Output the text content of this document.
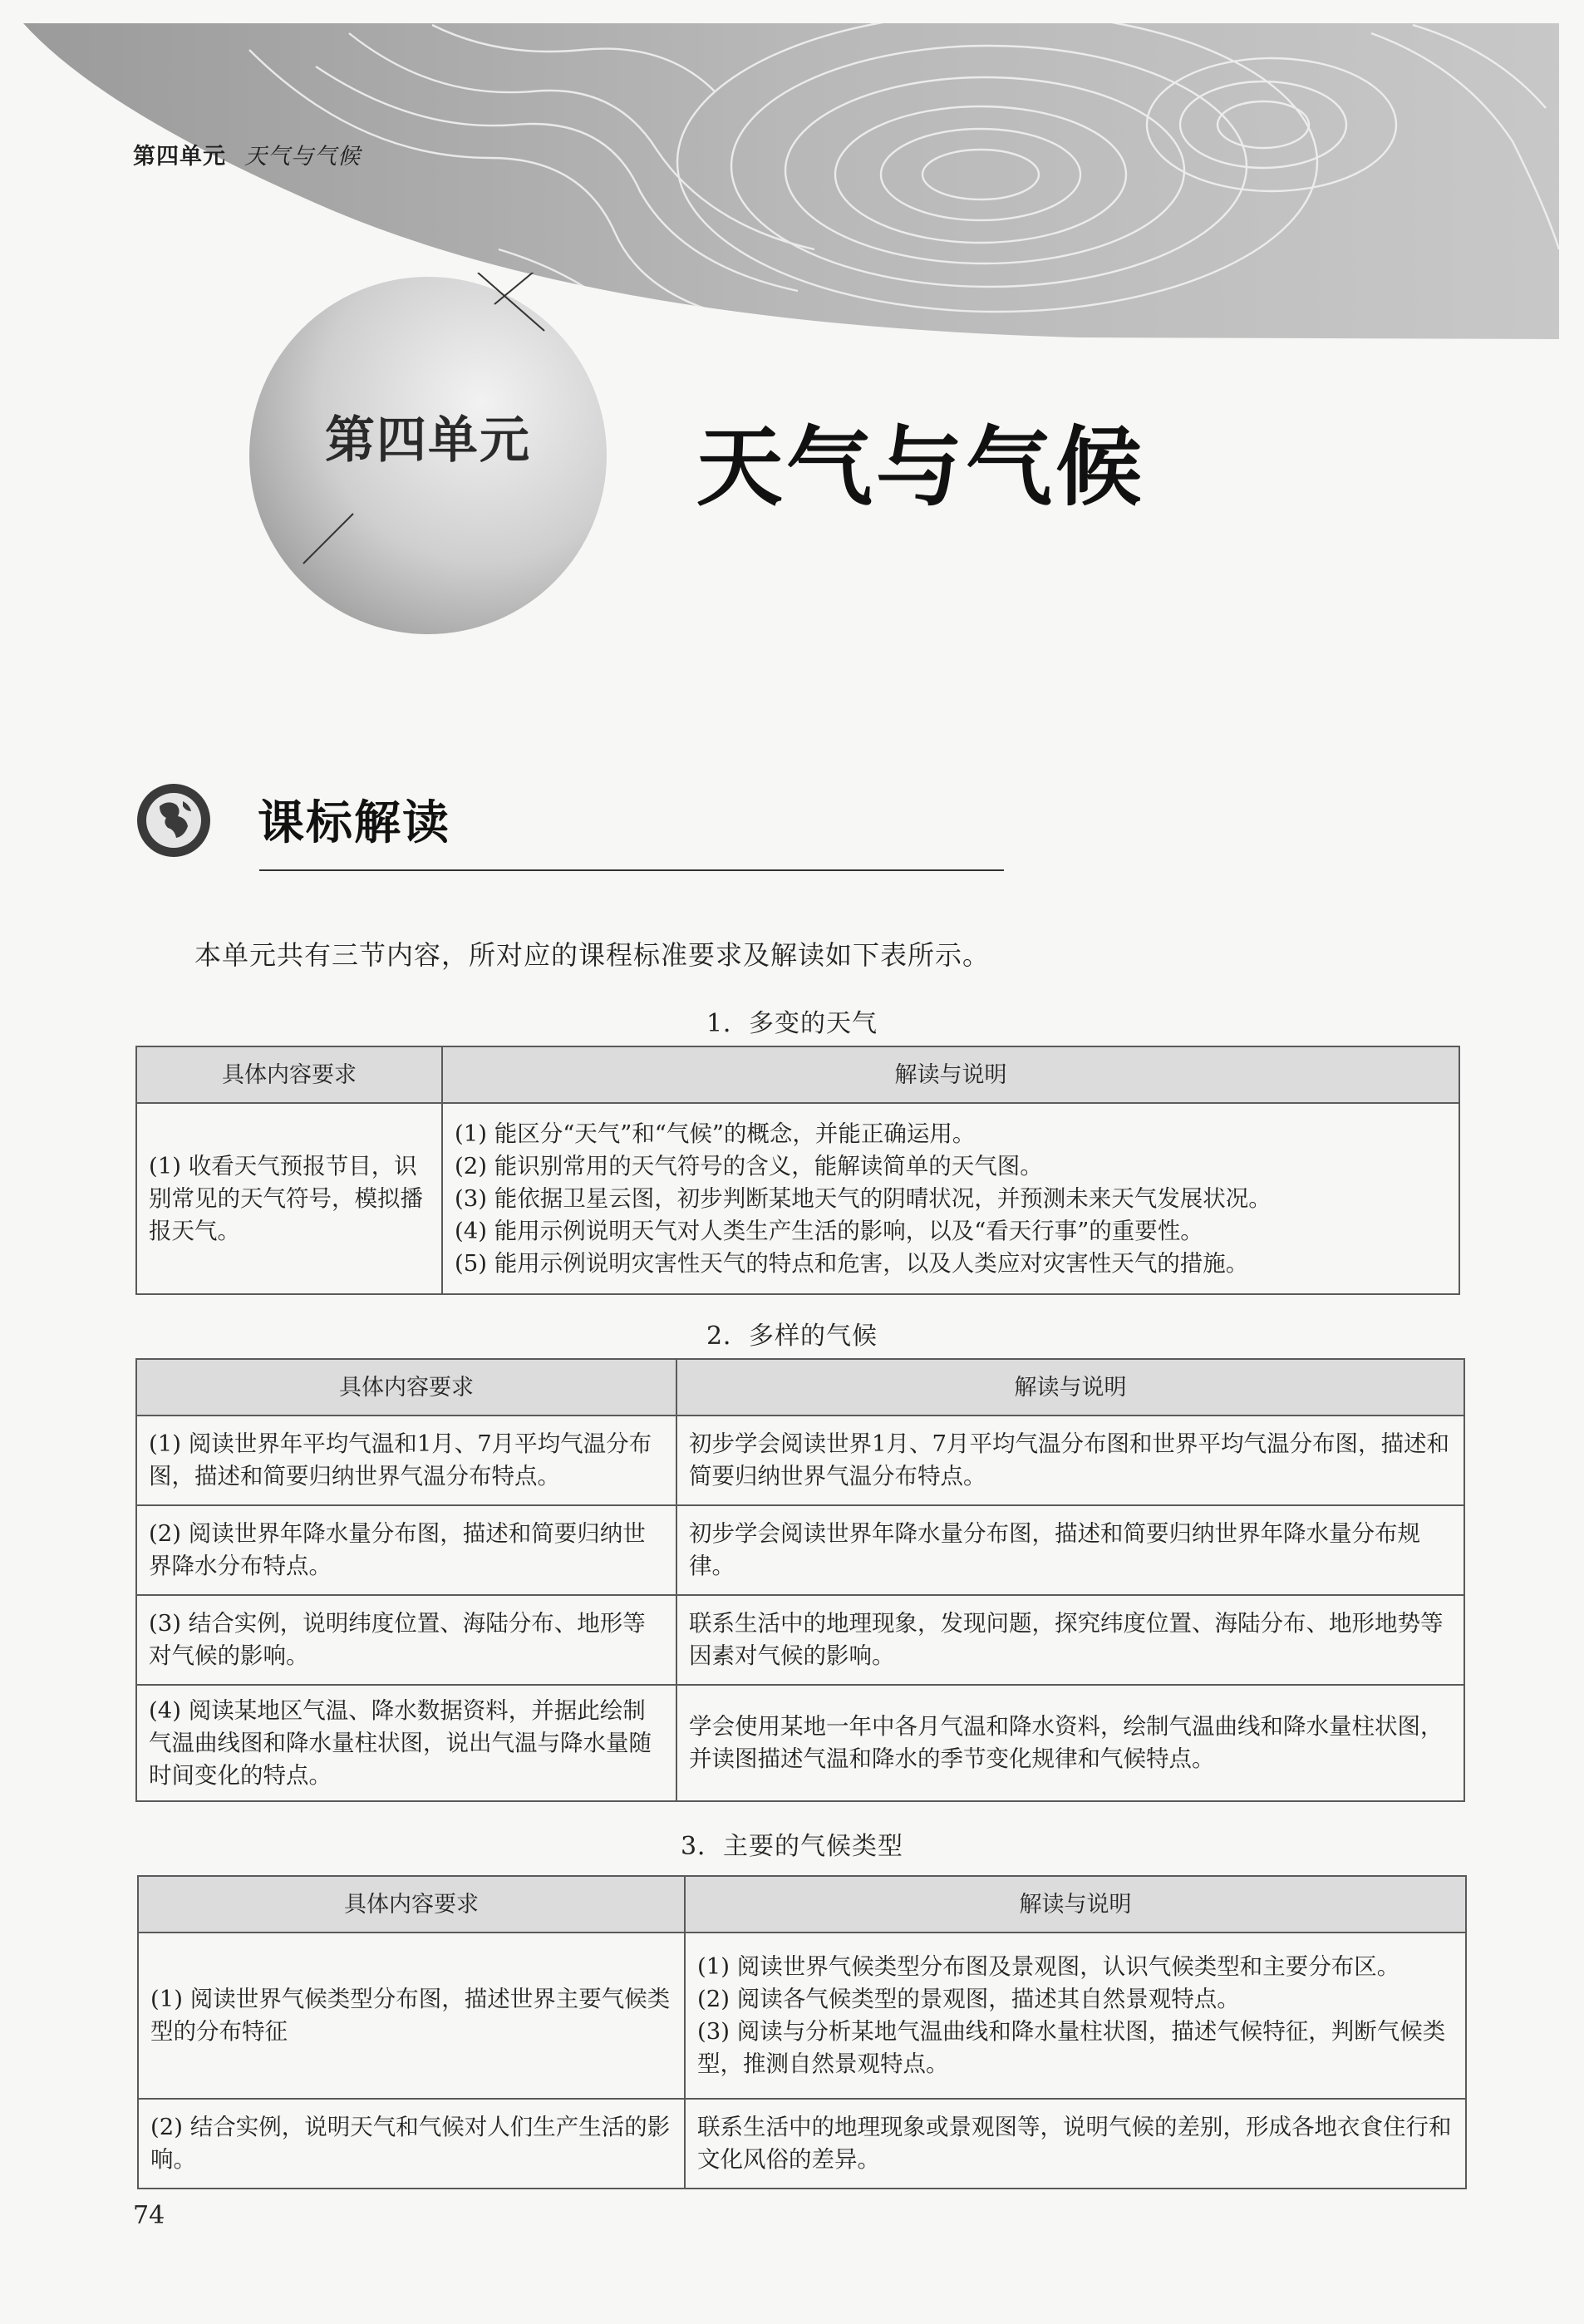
第四单元 天气与气候
第四单元	天气与气候
课标解读
本单元共有三节内容，所对应的课程标准要求及解读如下表所示。
1．多变的天气
具体内容要求	解读与说明
(1) 收看天气预报节目，识别常见的天气符号，模拟播报天气。	(1) 能区分“天气”和“气候”的概念，并能正确运用。
(2) 能识别常用的天气符号的含义，能解读简单的天气图。
(3) 能依据卫星云图，初步判断某地天气的阴晴状况，并预测未来天气发展状况。
(4) 能用示例说明天气对人类生产生活的影响，以及“看天行事”的重要性。
(5) 能用示例说明灾害性天气的特点和危害，以及人类应对灾害性天气的措施。
2．多样的气候
具体内容要求	解读与说明
(1) 阅读世界年平均气温和1月、7月平均气温分布图，描述和简要归纳世界气温分布特点。	初步学会阅读世界1月、7月平均气温分布图和世界平均气温分布图，描述和简要归纳世界气温分布特点。
(2) 阅读世界年降水量分布图，描述和简要归纳世界降水分布特点。	初步学会阅读世界年降水量分布图，描述和简要归纳世界年降水量分布规律。
(3) 结合实例，说明纬度位置、海陆分布、地形等对气候的影响。	联系生活中的地理现象，发现问题，探究纬度位置、海陆分布、地形地势等因素对气候的影响。
(4) 阅读某地区气温、降水数据资料，并据此绘制气温曲线图和降水量柱状图，说出气温与降水量随时间变化的特点。	学会使用某地一年中各月气温和降水资料，绘制气温曲线和降水量柱状图，并读图描述气温和降水的季节变化规律和气候特点。
3．主要的气候类型
具体内容要求	解读与说明
(1) 阅读世界气候类型分布图，描述世界主要气候类型的分布特征	(1) 阅读世界气候类型分布图及景观图，认识气候类型和主要分布区。
(2) 阅读各气候类型的景观图，描述其自然景观特点。
(3) 阅读与分析某地气温曲线和降水量柱状图，描述气候特征，判断气候类型，推测自然景观特点。

(2) 结合实例，说明天气和气候对人们生产生活的影响。	联系生活中的地理现象或景观图等，说明气候的差别，形成各地衣食住行和文化风俗的差异。
74
